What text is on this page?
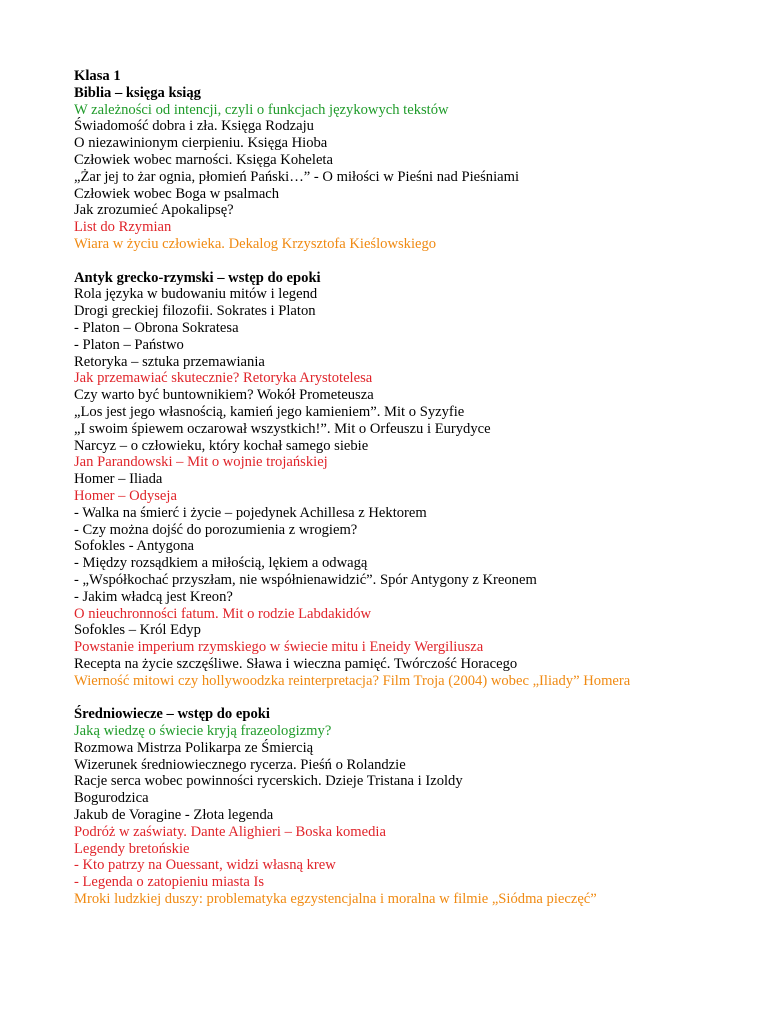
Klasa 1
Biblia – księga ksiąg
W zależności od intencji, czyli o funkcjach językowych tekstów
Świadomość dobra i zła. Księga Rodzaju
O niezawinionym cierpieniu. Księga Hioba
Człowiek wobec marności. Księga Koheleta
„Żar jej to żar ognia, płomień Pański…” - O miłości w Pieśni nad Pieśniami
Człowiek wobec Boga w psalmach
Jak zrozumieć Apokalipsę?
List do Rzymian
Wiara w życiu człowieka. Dekalog Krzysztofa Kieślowskiego
Antyk grecko-rzymski – wstęp do epoki
Rola języka w budowaniu mitów i legend
Drogi greckiej filozofii. Sokrates i Platon
- Platon – Obrona Sokratesa
- Platon – Państwo
Retoryka – sztuka przemawiania
Jak przemawiać skutecznie? Retoryka Arystotelesa
Czy warto być buntownikiem? Wokół Prometeusza
„Los jest jego własnością, kamień jego kamieniem”. Mit o Syzyfie
„I swoim śpiewem oczarował wszystkich!”. Mit o Orfeuszu i Eurydyce
Narcyz – o człowieku, który kochał samego siebie
Jan Parandowski – Mit o wojnie trojańskiej
Homer – Iliada
Homer – Odyseja
- Walka na śmierć i życie – pojedynek Achillesa z Hektorem
- Czy można dojść do porozumienia z wrogiem?
Sofokles - Antygona
- Między rozsądkiem a miłością, lękiem a odwagą
- „Współkochać przyszłam, nie współnienawidzić”. Spór Antygony z Kreonem
- Jakim władcą jest Kreon?
O nieuchronności fatum. Mit o rodzie Labdakidów
Sofokles – Król Edyp
Powstanie imperium rzymskiego w świecie mitu i Eneidy Wergiliusza
Recepta na życie szczęśliwe. Sława i wieczna pamięć. Twórczość Horacego
Wierność mitowi czy hollywoodzka reinterpretacja? Film Troja (2004) wobec „Iliady” Homera
Średniowiecze – wstęp do epoki
Jaką wiedzę o świecie kryją frazeologizmy?
Rozmowa Mistrza Polikarpa ze Śmiercią
Wizerunek średniowiecznego rycerza. Pieśń o Rolandzie
Racje serca wobec powinności rycerskich. Dzieje Tristana i Izoldy
Bogurodzica
Jakub de Voragine - Złota legenda
Podróż w zaświaty. Dante Alighieri – Boska komedia
Legendy bretońskie
- Kto patrzy na Ouessant, widzi własną krew
- Legenda o zatopieniu miasta Is
Mroki ludzkiej duszy: problematyka egzystencjalna i moralna w filmie „Siódma pieczęć”
